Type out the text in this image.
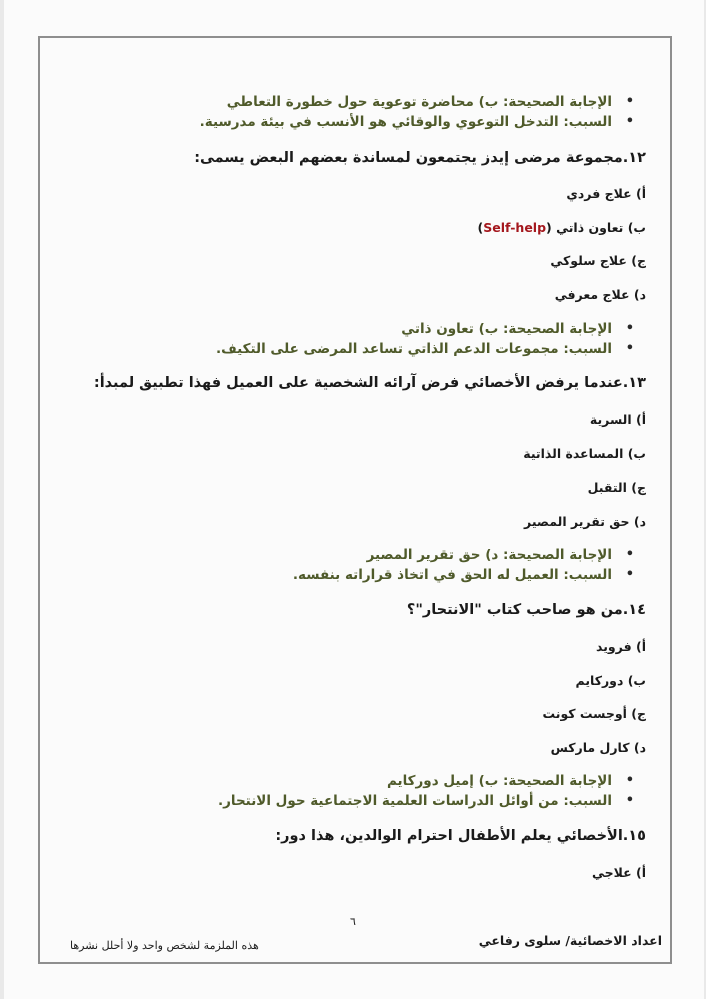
الإجابة الصحيحة: ب) محاضرة توعوية حول خطورة التعاطي •
السبب: التدخل التوعوي والوقائي هو الأنسب في بيئة مدرسية. •
١٢.مجموعة مرضى إيدز يجتمعون لمساندة بعضهم البعض يسمى:
أ) علاج فردي
ب) تعاون ذاتي (Self-help)
ج) علاج سلوكي
د) علاج معرفي
الإجابة الصحيحة: ب) تعاون ذاتي •
السبب: مجموعات الدعم الذاتي تساعد المرضى على التكيف. •
١٣.عندما يرفض الأخصائي فرض آرائه الشخصية على العميل فهذا تطبيق لمبدأ:
أ) السرية
ب) المساعدة الذاتية
ج) التقبل
د) حق تقرير المصير
الإجابة الصحيحة: د) حق تقرير المصير •
السبب: العميل له الحق في اتخاذ قراراته بنفسه. •
١٤.من هو صاحب كتاب "الانتحار"؟
أ) فرويد
ب) دوركايم
ج) أوجست كونت
د) كارل ماركس
الإجابة الصحيحة: ب) إميل دوركايم •
السبب: من أوائل الدراسات العلمية الاجتماعية حول الانتحار. •
١٥.الأخصائي يعلم الأطفال احترام الوالدين، هذا دور:
أ) علاجي
٦
اعداد الاخصائية/ سلوى رفاعي
هذه الملزمة لشخص واحد ولا أحلل نشرها
